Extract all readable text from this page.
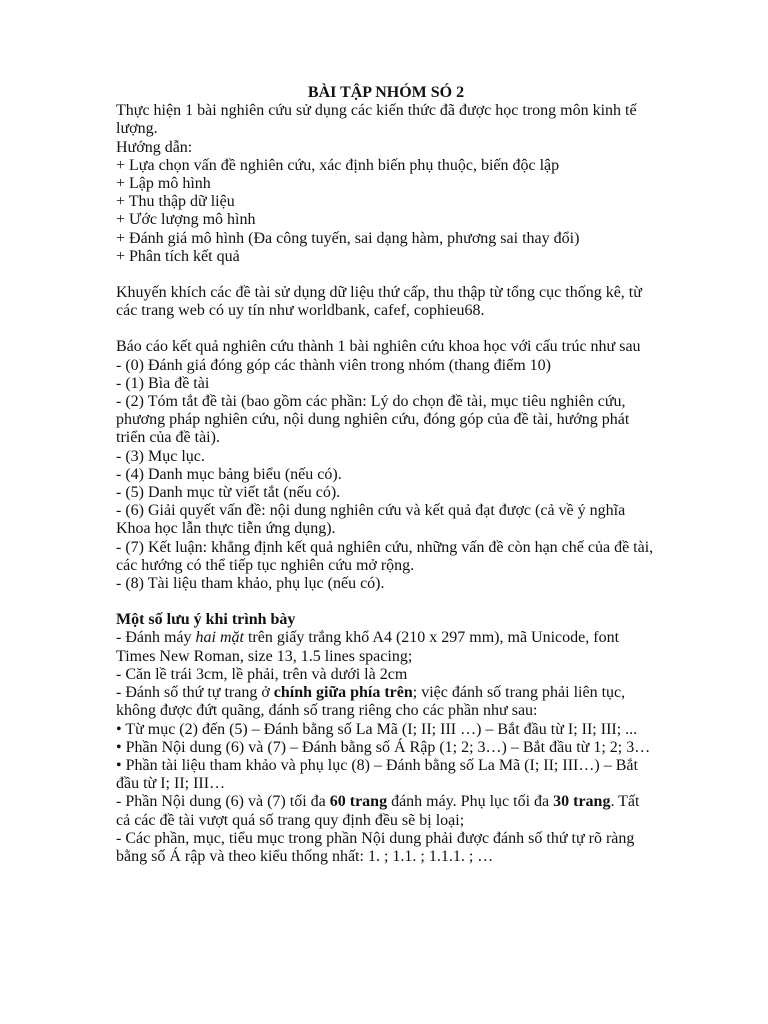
BÀI TẬP NHÓM SÓ 2

Thực hiện 1 bài nghiên cứu sử dụng các kiến thức đã được học trong môn kinh tế lượng.

Hướng dẫn:

+ Lựa chọn vấn đề nghiên cứu, xác định biến phụ thuộc, biến độc lập

+ Lập mô hình

+ Thu thập dữ liệu

+ Ước lượng mô hình

+ Đánh giá mô hình (Đa công tuyến, sai dạng hàm, phương sai thay đổi)

+ Phân tích kết quả

Khuyến khích các đề tài sử dụng dữ liệu thứ cấp, thu thập từ tổng cục thống kê, từ các trang web có uy tín như worldbank, cafef, cophieu68.

Báo cáo kết quả nghiên cứu thành 1 bài nghiên cứu khoa học với cấu trúc như sau

- (0) Đánh giá đóng góp các thành viên trong nhóm (thang điểm 10)

- (1) Bìa đề tài

- (2) Tóm tắt đề tài (bao gồm các phần: Lý do chọn đề tài, mục tiêu nghiên cứu, phương pháp nghiên cứu, nội dung nghiên cứu, đóng góp của đề tài, hướng phát triển của đề tài).

- (3) Mục lục.

- (4) Danh mục bảng biểu (nếu có).

- (5) Danh mục từ viết tắt (nếu có).

- (6) Giải quyết vấn đề: nội dung nghiên cứu và kết quả đạt được (cả về ý nghĩa Khoa học lẫn thực tiễn ứng dụng).

- (7) Kết luận: khẳng định kết quả nghiên cứu, những vấn đề còn hạn chế của đề tài, các hướng có thể tiếp tục nghiên cứu mở rộng.

- (8) Tài liệu tham khảo, phụ lục (nếu có).

Một số lưu ý khi trình bày

- Đánh máy hai mặt trên giấy trắng khổ A4 (210 x 297 mm), mã Unicode, font Times New Roman, size 13, 1.5 lines spacing;

- Căn lề trái 3cm, lề phải, trên và dưới là 2cm

- Đánh số thứ tự trang ở chính giữa phía trên; việc đánh số trang phải liên tục, không được đứt quãng, đánh số trang riêng cho các phần như sau:

• Từ mục (2) đến (5) – Đánh bằng số La Mã (I; II; III …) – Bắt đầu từ I; II; III; ...

• Phần Nội dung (6) và (7) – Đánh bằng số Á Rập (1; 2; 3…) – Bắt đầu từ 1; 2; 3…

• Phần tài liệu tham khảo và phụ lục (8) – Đánh bằng số La Mã (I; II; III…) – Bắt

đầu từ I; II; III…

- Phần Nội dung (6) và (7) tối đa 60 trang đánh máy. Phụ lục tối đa 30 trang. Tất cả các đề tài vượt quá số trang quy định đều sẽ bị loại;

- Các phần, mục, tiểu mục trong phần Nội dung phải được đánh số thứ tự rõ ràng bằng số Á rập và theo kiểu thống nhất: 1. ; 1.1. ; 1.1.1. ; …
